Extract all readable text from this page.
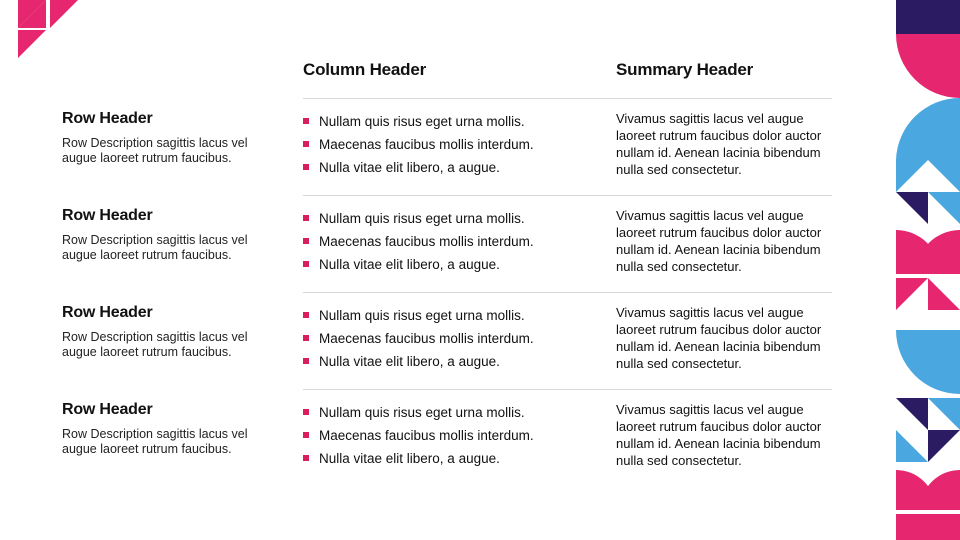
Column Header	Summary Header
Row Header
Row Description sagittis lacus vel augue laoreet rutrum faucibus.
Nullam quis risus eget urna mollis.
Maecenas faucibus mollis interdum.
Nulla vitae elit libero, a augue.
Vivamus sagittis lacus vel augue laoreet rutrum faucibus dolor auctor nullam id. Aenean lacinia bibendum nulla sed consectetur.
Row Header
Row Description sagittis lacus vel augue laoreet rutrum faucibus.
Nullam quis risus eget urna mollis.
Maecenas faucibus mollis interdum.
Nulla vitae elit libero, a augue.
Vivamus sagittis lacus vel augue laoreet rutrum faucibus dolor auctor nullam id. Aenean lacinia bibendum nulla sed consectetur.
Row Header
Row Description sagittis lacus vel augue laoreet rutrum faucibus.
Nullam quis risus eget urna mollis.
Maecenas faucibus mollis interdum.
Nulla vitae elit libero, a augue.
Vivamus sagittis lacus vel augue laoreet rutrum faucibus dolor auctor nullam id. Aenean lacinia bibendum nulla sed consectetur.
Row Header
Row Description sagittis lacus vel augue laoreet rutrum faucibus.
Nullam quis risus eget urna mollis.
Maecenas faucibus mollis interdum.
Nulla vitae elit libero, a augue.
Vivamus sagittis lacus vel augue laoreet rutrum faucibus dolor auctor nullam id. Aenean lacinia bibendum nulla sed consectetur.
